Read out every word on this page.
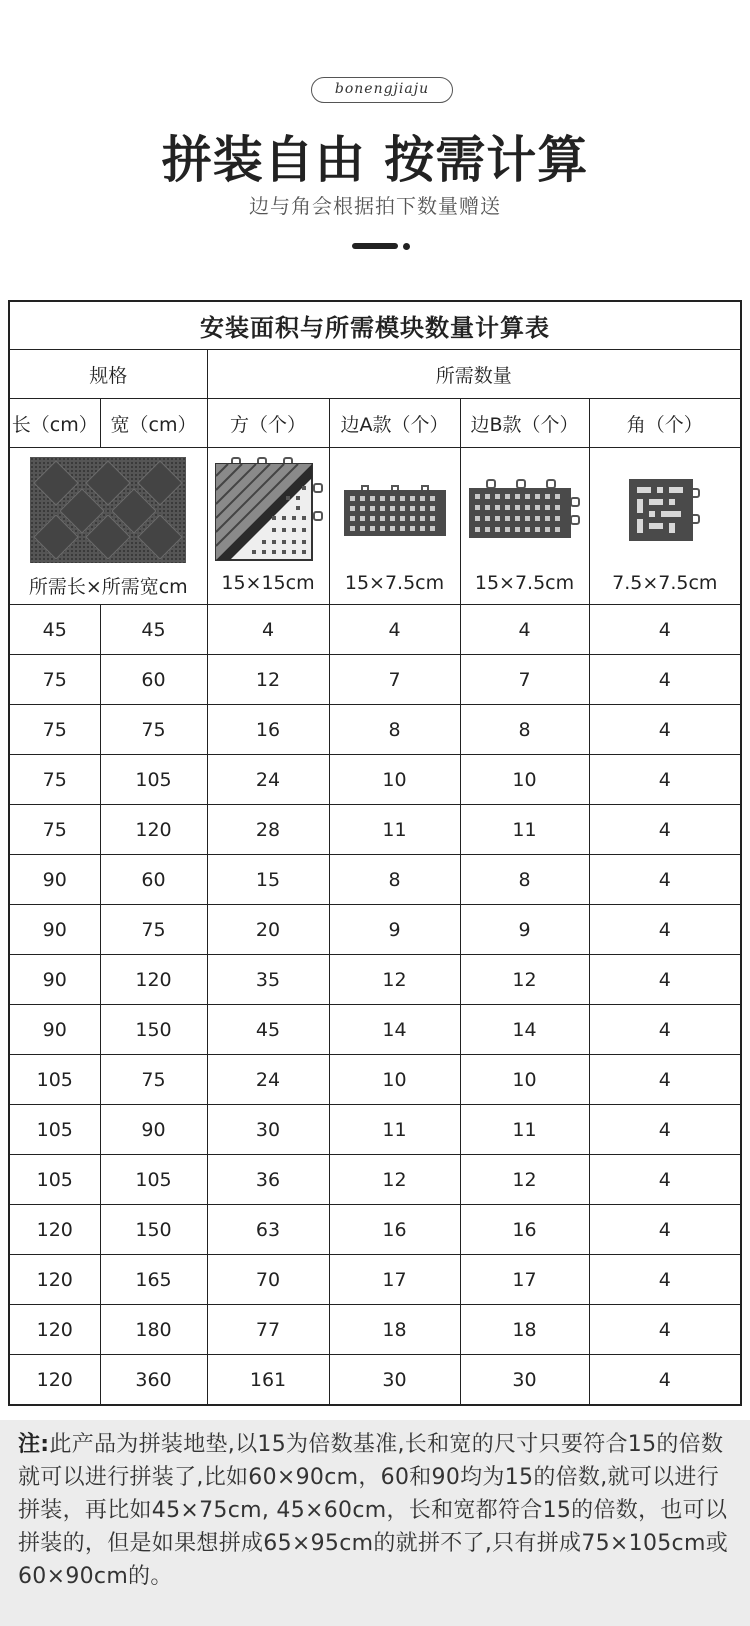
bonengjiaju
拼装自由 按需计算
边与角会根据拍下数量赠送
安装面积与所需模块数量计算表					
规格		所需数量			
长（cm）	宽（cm）	方（个）	边A款（个）	边B款（个）	角（个）

所需长×所需宽cm		15×15cm	15×7.5cm	15×7.5cm	7.5×7.5cm

45	45	4	4	4	4
75	60	12	7	7	4
75	75	16	8	8	4
75	105	24	10	10	4
75	120	28	11	11	4
90	60	15	8	8	4
90	75	20	9	9	4
90	120	35	12	12	4
90	150	45	14	14	4
105	75	24	10	10	4
105	90	30	11	11	4
105	105	36	12	12	4
120	150	63	16	16	4
120	165	70	17	17	4
120	180	77	18	18	4
120	360	161	30	30	4
注:此产品为拼装地垫,以15为倍数基准,长和宽的尺寸只要符合15的倍数就可以进行拼装了,比如60×90cm，60和90均为15的倍数,就可以进行拼装，再比如45×75cm, 45×60cm，长和宽都符合15的倍数，也可以拼装的，但是如果想拼成65×95cm的就拼不了,只有拼成75×105cm或60×90cm的。
